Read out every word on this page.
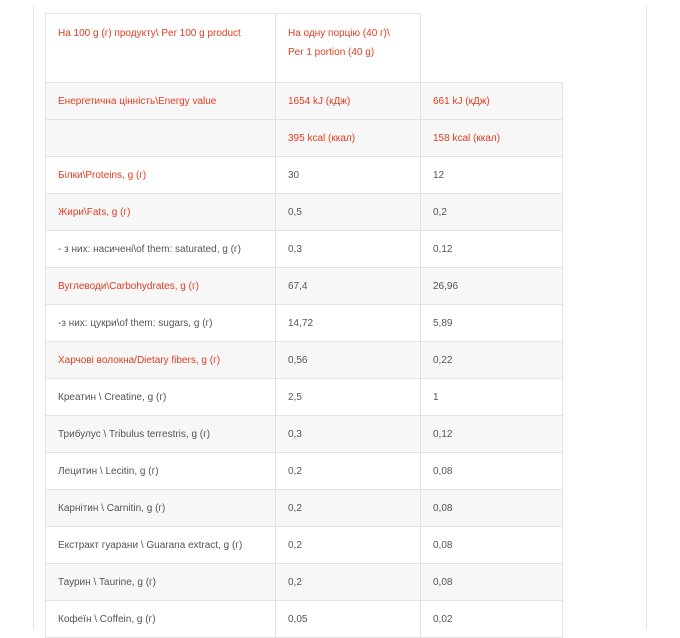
На 100 g (г) продукту\ Per 100 g product	На одну порцію (40 г)\ Per 1 portion (40 g)	
Енергетична цінність\Energy value	1654 kJ (кДж)	661 kJ (кДж)
	395 kcal (ккал)	158 kcal (ккал)
Білки\Proteins, g (г)	30	12
Жири\Fats, g (г)	0,5	0,2
- з них: насичені\of them: saturated, g (г)	0,3	0,12
Вуглеводи\Carbohydrates, g (г)	67,4	26,96
-з них: цукри\of them: sugars, g (г)	14,72	5,89
Харчові волокна/Dietary fibers, g (г)	0,56	0,22
Креатин \ Creatine, g (г)	2,5	1
Трибулус \ Tribulus terrestris, g (г)	0,3	0,12
Лецитин \ Lecitin, g (г)	0,2	0,08
Карнітин \ Carnitin, g (г)	0,2	0,08
Екстракт гуарани \ Guarana extract, g (г)	0,2	0,08
Таурин \ Taurine, g (г)	0,2	0,08
Кофеїн \ Coffein, g (г)	0,05	0,02
